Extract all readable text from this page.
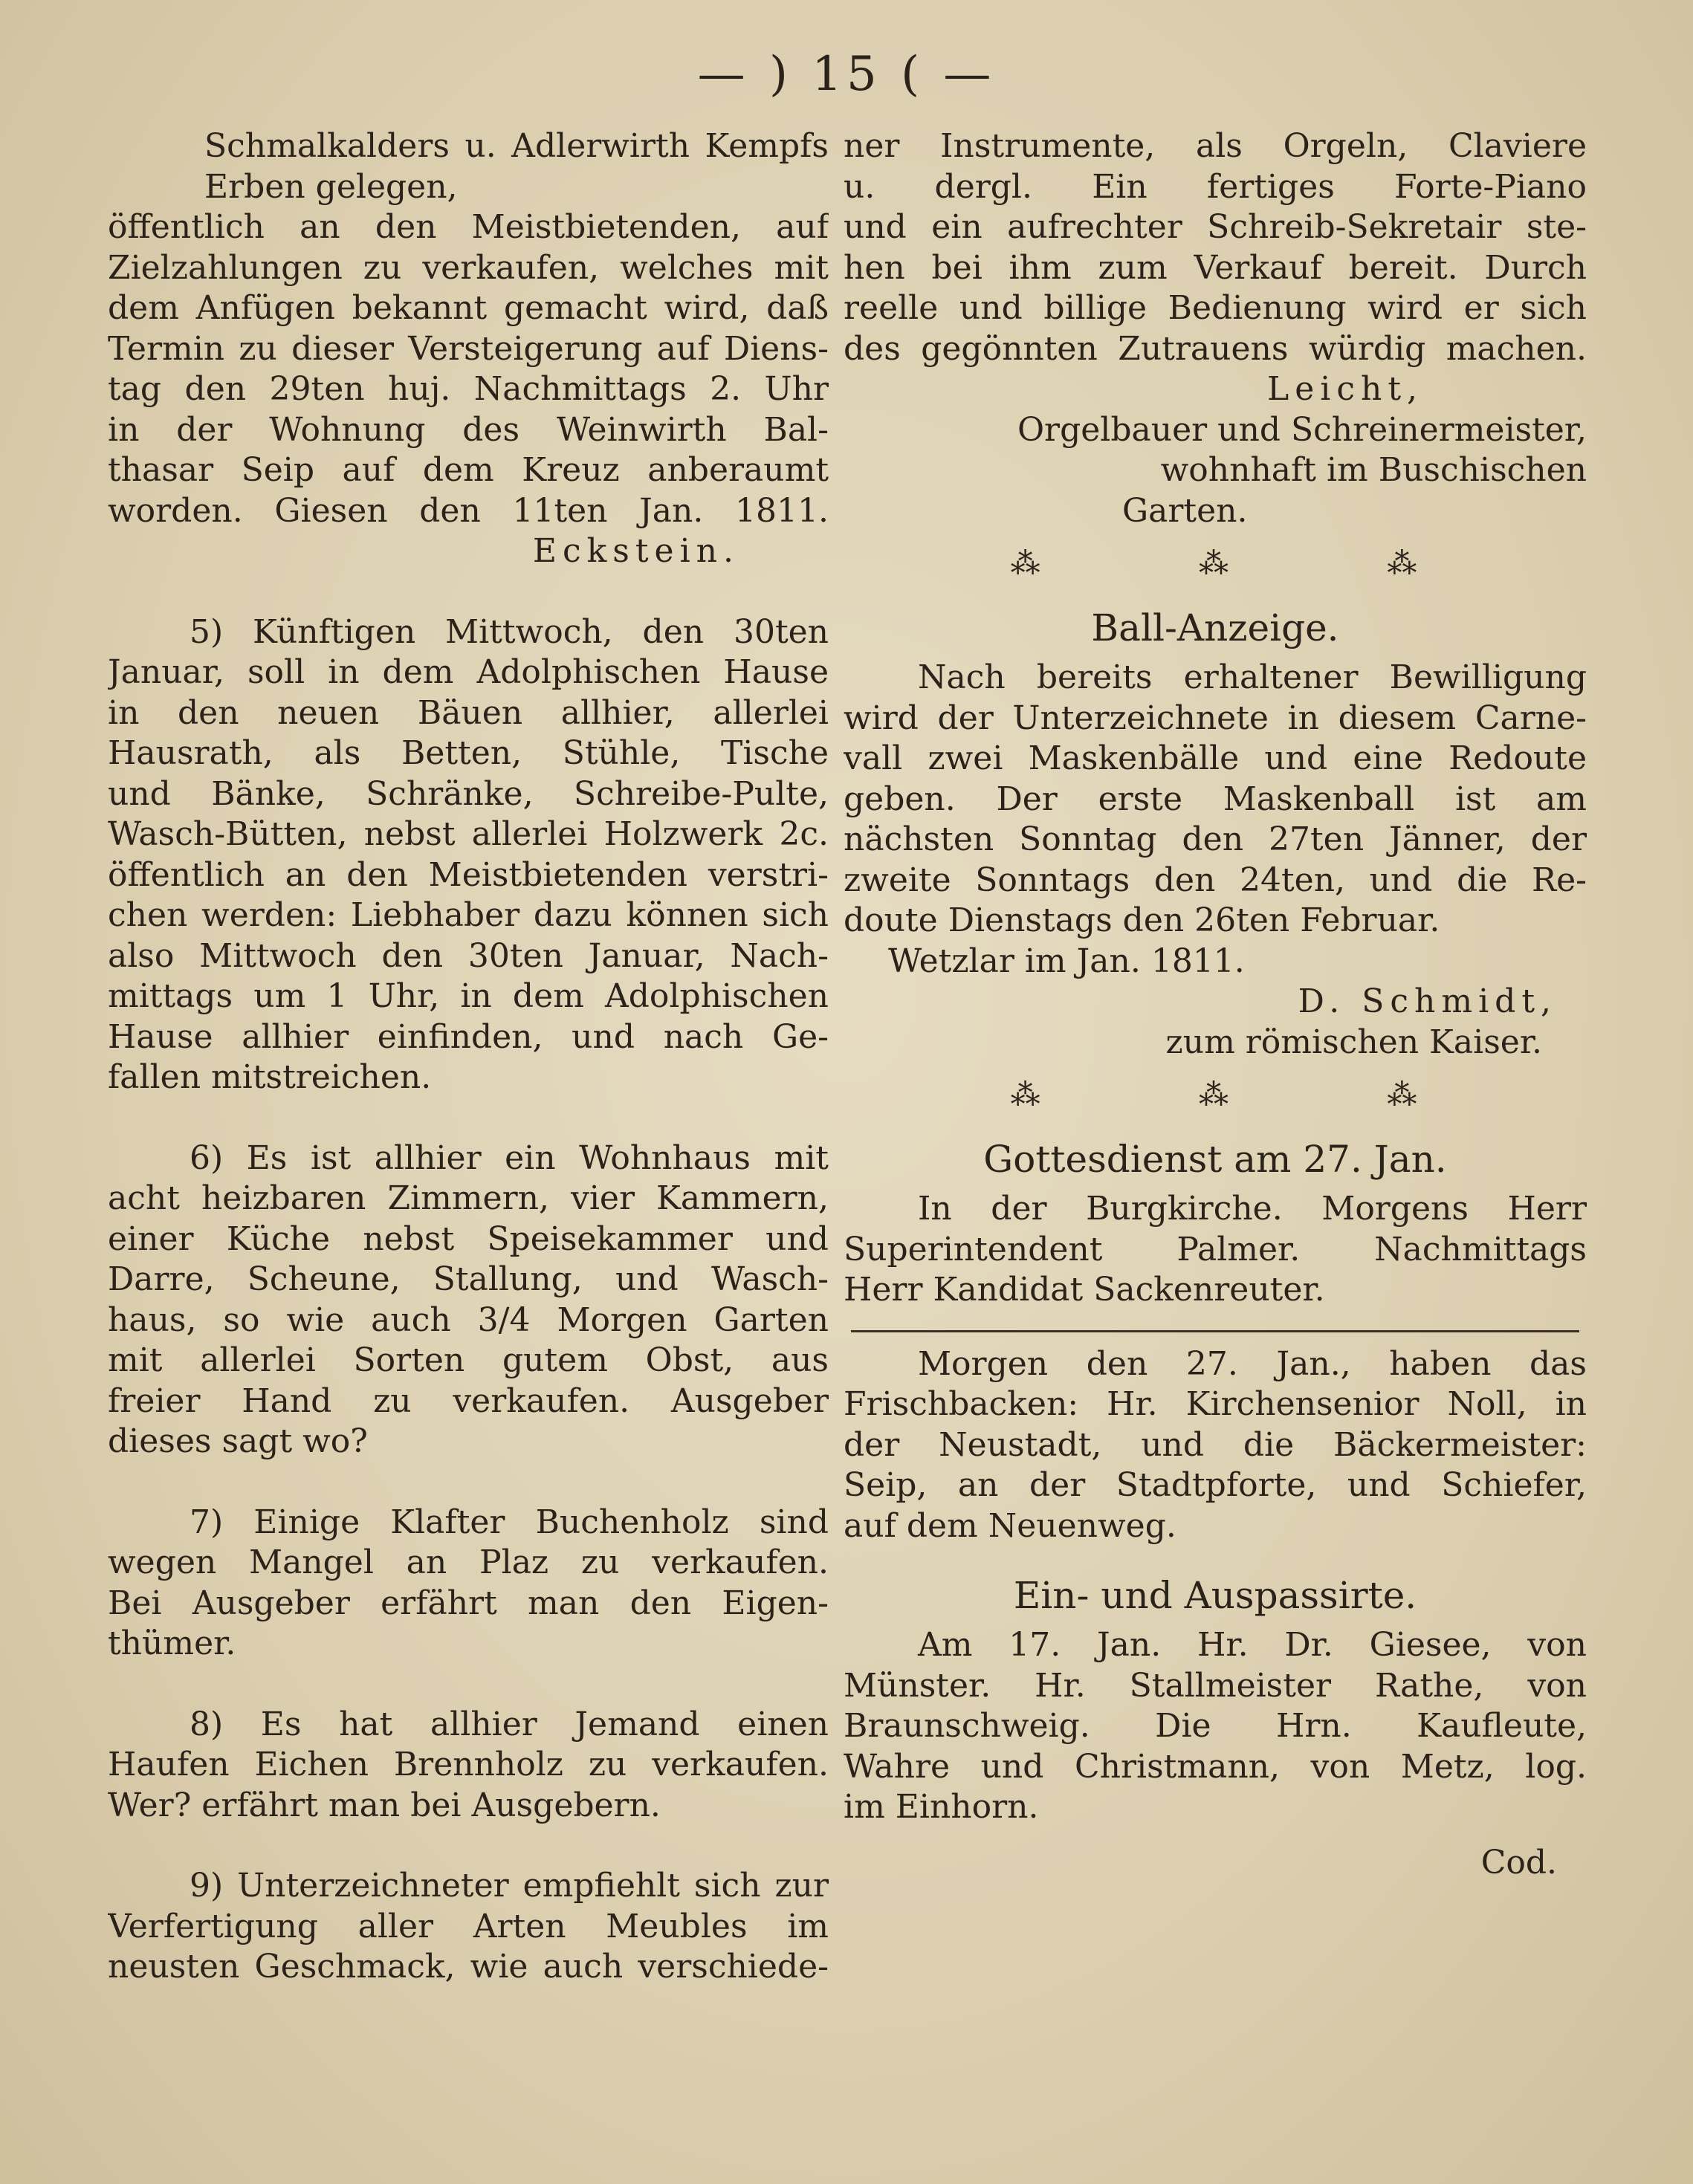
— ) 15 ( —

Schmalkalders u. Adlerwirth Kempfs

Erben gelegen,

öffentlich an den Meistbietenden, auf

Zielzahlungen zu verkaufen, welches mit

dem Anfügen bekannt gemacht wird, daß

Termin zu dieser Versteigerung auf Diens-

tag den 29ten huj. Nachmittags 2. Uhr

in der Wohnung des Weinwirth Bal-

thasar Seip auf dem Kreuz anberaumt

worden. Giesen den 11ten Jan. 1811.

Eckstein.

5) Künftigen Mittwoch, den 30ten

Januar, soll in dem Adolphischen Hause

in den neuen Bäuen allhier, allerlei

Hausrath, als Betten, Stühle, Tische

und Bänke, Schränke, Schreibe-Pulte,

Wasch-Bütten, nebst allerlei Holzwerk 2c.

öffentlich an den Meistbietenden verstri-

chen werden: Liebhaber dazu können sich

also Mittwoch den 30ten Januar, Nach-

mittags um 1 Uhr, in dem Adolphischen

Hause allhier einfinden, und nach Ge-

fallen mitstreichen.

6) Es ist allhier ein Wohnhaus mit

acht heizbaren Zimmern, vier Kammern,

einer Küche nebst Speisekammer und

Darre, Scheune, Stallung, und Wasch-

haus, so wie auch 3/4 Morgen Garten

mit allerlei Sorten gutem Obst, aus

freier Hand zu verkaufen. Ausgeber

dieses sagt wo?

7) Einige Klafter Buchenholz sind

wegen Mangel an Plaz zu verkaufen.

Bei Ausgeber erfährt man den Eigen-

thümer.

8) Es hat allhier Jemand einen

Haufen Eichen Brennholz zu verkaufen.

Wer? erfährt man bei Ausgebern.

9) Unterzeichneter empfiehlt sich zur

Verfertigung aller Arten Meubles im

neusten Geschmack, wie auch verschiede-

ner Instrumente, als Orgeln, Claviere

u. dergl. Ein fertiges Forte-Piano

und ein aufrechter Schreib-Sekretair ste-

hen bei ihm zum Verkauf bereit. Durch

reelle und billige Bedienung wird er sich

des gegönnten Zutrauens würdig machen.

Leicht,

Orgelbauer und Schreinermeister,

wohnhaft im Buschischen

Garten.

⁂	⁂	⁂
Ball-Anzeige.

Nach bereits erhaltener Bewilligung

wird der Unterzeichnete in diesem Carne-

vall zwei Maskenbälle und eine Redoute

geben. Der erste Maskenball ist am

nächsten Sonntag den 27ten Jänner, der

zweite Sonntags den 24ten, und die Re-

doute Dienstags den 26ten Februar.

Wetzlar im Jan. 1811.

D. Schmidt,

zum römischen Kaiser.

⁂	⁂	⁂
Gottesdienst am 27. Jan.

In der Burgkirche. Morgens Herr

Superintendent Palmer. Nachmittags

Herr Kandidat Sackenreuter.

Morgen den 27. Jan., haben das

Frischbacken: Hr. Kirchensenior Noll, in

der Neustadt, und die Bäckermeister:

Seip, an der Stadtpforte, und Schiefer,

auf dem Neuenweg.

Ein- und Auspassirte.

Am 17. Jan. Hr. Dr. Giesee, von

Münster. Hr. Stallmeister Rathe, von

Braunschweig. Die Hrn. Kaufleute,

Wahre und Christmann, von Metz, log.

im Einhorn.

Cod.
